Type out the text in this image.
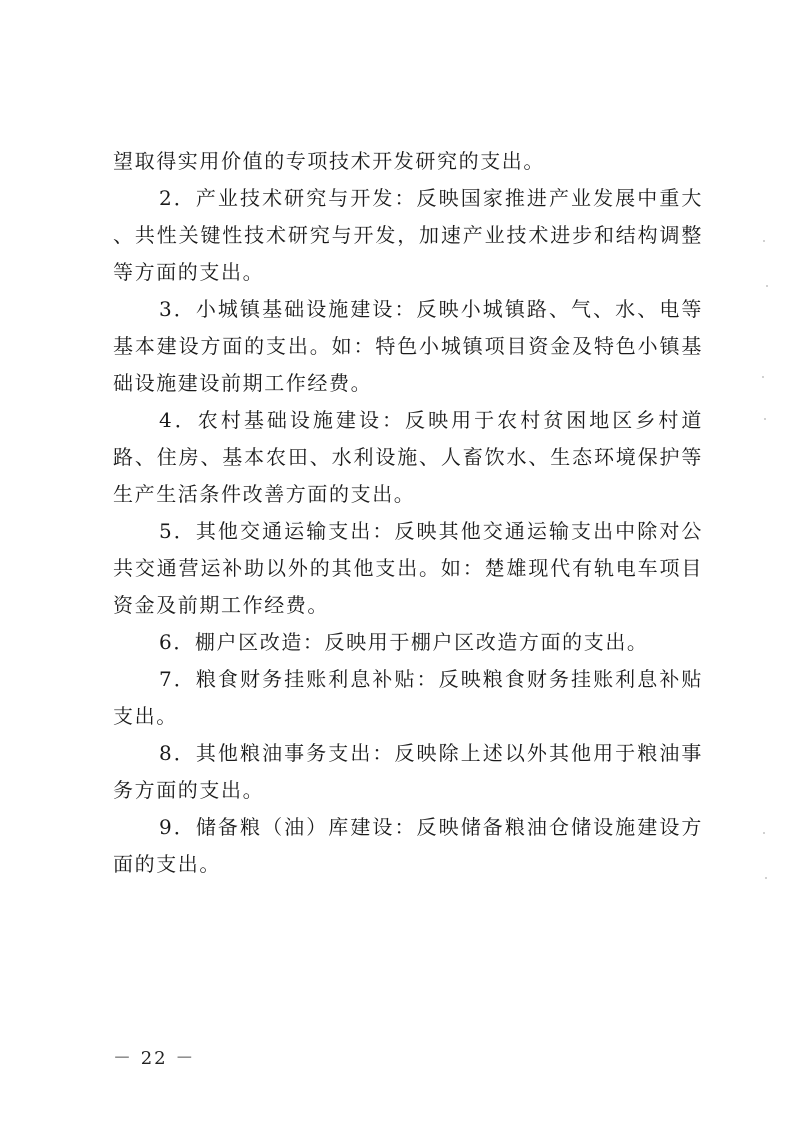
望取得实用价值的专项技术开发研究的支出。

2．产业技术研究与开发：反映国家推进产业发展中重大 、共性关键性技术研究与开发，加速产业技术进步和结构调整等方面的支出。

3．小城镇基础设施建设：反映小城镇路、气、水、电等基本建设方面的支出。如：特色小城镇项目资金及特色小镇基础设施建设前期工作经费。

4．农村基础设施建设：反映用于农村贫困地区乡村道路、住房、基本农田、水利设施、人畜饮水、生态环境保护等生产生活条件改善方面的支出。

5．其他交通运输支出：反映其他交通运输支出中除对公共交通营运补助以外的其他支出。如：楚雄现代有轨电车项目资金及前期工作经费。

6．棚户区改造：反映用于棚户区改造方面的支出。

7．粮食财务挂账利息补贴：反映粮食财务挂账利息补贴支出。

8．其他粮油事务支出：反映除上述以外其他用于粮油事务方面的支出。

9．储备粮（油）库建设：反映储备粮油仓储设施建设方面的支出。

－ 22 －
